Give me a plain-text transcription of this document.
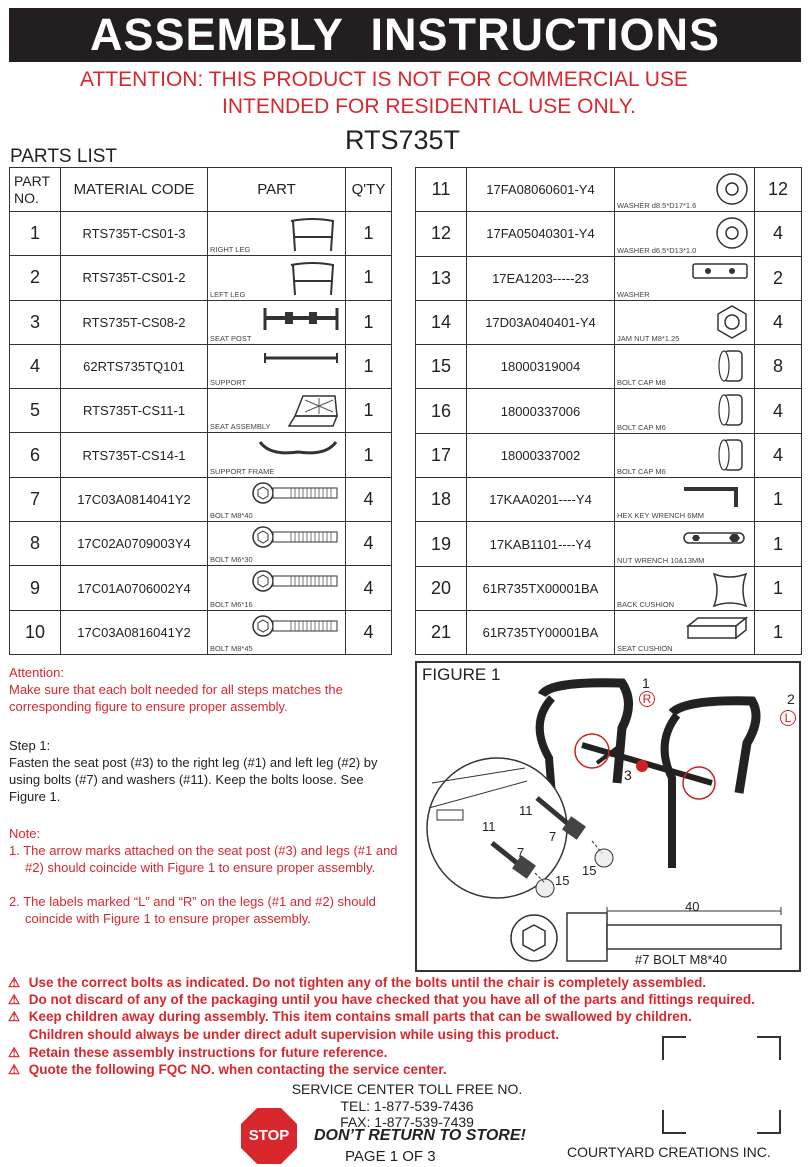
ASSEMBLY INSTRUCTIONS
ATTENTION: THIS PRODUCT IS NOT FOR COMMERCIAL USE
INTENDED FOR RESIDENTIAL USE ONLY.
RTS735T
PARTS LIST
PART NO.	MATERIAL CODE	PART	Q'TY
1	RTS735T-CS01-3	RIGHT LEG	1
2	RTS735T-CS01-2	LEFT LEG	1
3	RTS735T-CS08-2	SEAT POST	1
4	62RTS735TQ101	SUPPORT	1
5	RTS735T-CS11-1	SEAT ASSEMBLY	1
6	RTS735T-CS14-1	SUPPORT FRAME	1
7	17C03A0814041Y2	BOLT M8*40	4
8	17C02A0709003Y4	BOLT M6*30	4
9	17C01A0706002Y4	BOLT M6*16	4
10	17C03A0816041Y2	BOLT M8*45	4
11	17FA08060601-Y4	WASHER d8.5*D17*1.6	12
12	17FA05040301-Y4	WASHER d6.5*D13*1.0	4
13	17EA1203-----23	WASHER	2
14	17D03A040401-Y4	JAM NUT M8*1.25	4
15	18000319004	BOLT CAP M8	8
16	18000337006	BOLT CAP M6	4
17	18000337002	BOLT CAP M6	4
18	17KAA0201----Y4	HEX KEY WRENCH 6MM	1
19	17KAB1101----Y4	NUT WRENCH 10&13MM	1
20	61R735TX00001BA	BACK CUSHION	1
21	61R735TY00001BA	SEAT CUSHION	1
Attention:
Make sure that each bolt needed for all steps matches the corresponding figure to ensure proper assembly.
Step 1:
Fasten the seat post (#3) to the right leg (#1) and left leg (#2) by using bolts (#7) and washers (#11). Keep the bolts loose. See Figure 1.
Note:
1. The arrow marks attached on the seat post (#3) and legs (#1 and #2) should coincide with Figure 1 to ensure proper assembly.
2. The labels marked “L” and “R” on the legs (#1 and #2) should coincide with Figure 1 to ensure proper assembly.
FIGURE 1	1
R	2
L
3
11
11
7
7
15
15
40
#7 BOLT M8*40
⚠ Use the correct bolts as indicated. Do not tighten any of the bolts until the chair is completely assembled.
⚠ Do not discard of any of the packaging until you have checked that you have all of the parts and fittings required.
⚠ Keep children away during assembly. This item contains small parts that can be swallowed by children.
Children should always be under direct adult supervision while using this product.
⚠ Retain these assembly instructions for future reference.
⚠ Quote the following FQC NO. when contacting the service center.
SERVICE CENTER TOLL FREE NO.
TEL: 1-877-539-7436
FAX: 1-877-539-7439
STOP	DON’T RETURN TO STORE!
PAGE 1 OF 3	COURTYARD CREATIONS INC.
